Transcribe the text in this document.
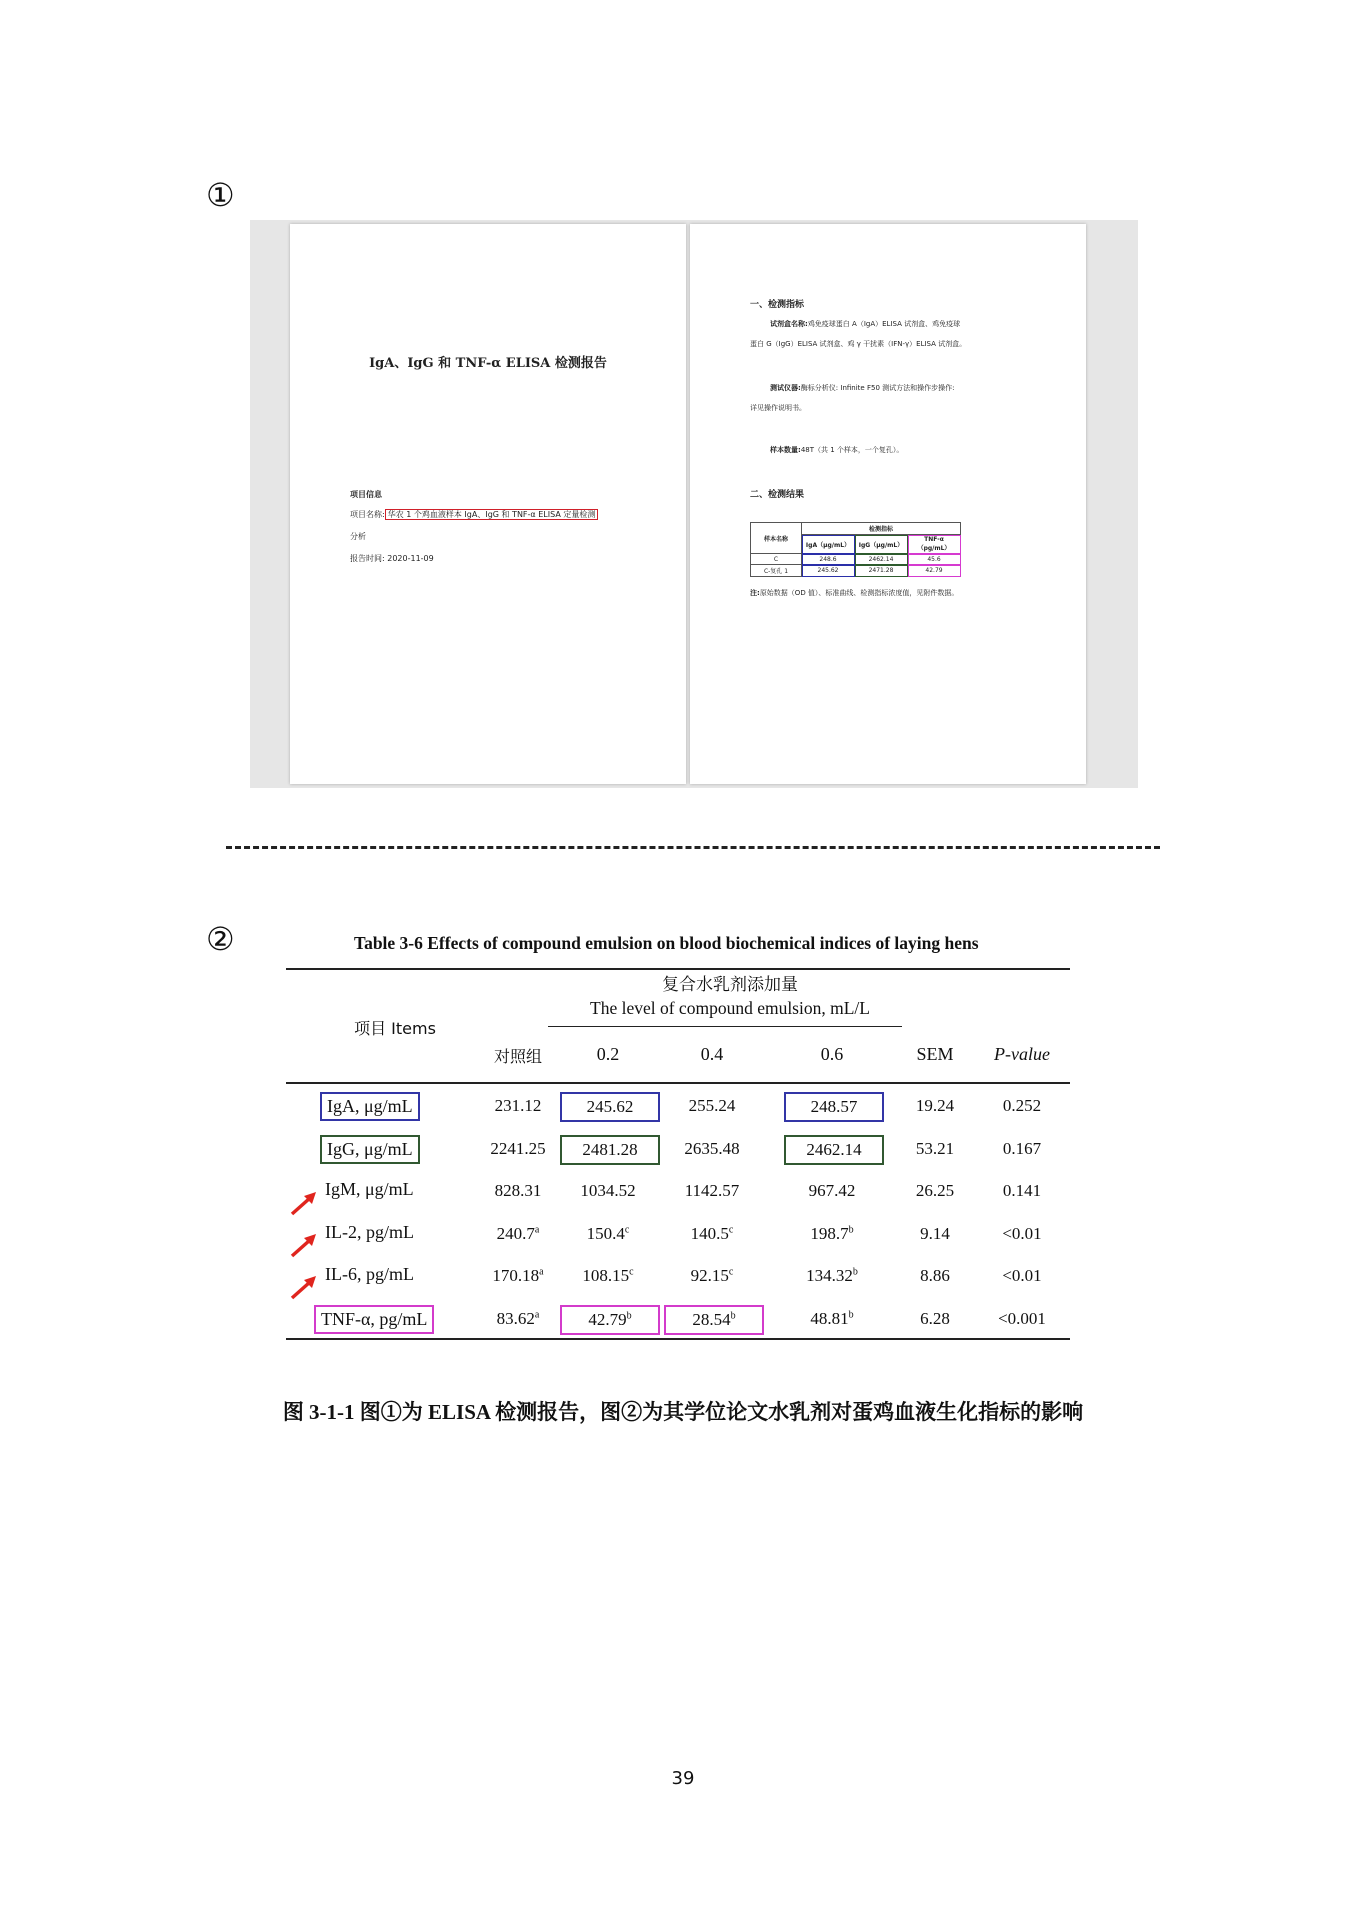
①
IgA、IgG 和 TNF-α ELISA 检测报告
项目信息
项目名称: 华农 1 个鸡血液样本 IgA、IgG 和 TNF-α ELISA 定量检测
分析
报告时间: 2020-11-09
一、检测指标
试剂盒名称:鸡免疫球蛋白 A（IgA）ELISA 试剂盒、鸡免疫球
蛋白 G（IgG）ELISA 试剂盒、鸡 γ 干扰素（IFN-γ）ELISA 试剂盒。
测试仪器:酶标分析仪: Infinite F50 测试方法和操作步操作:
详见操作说明书。
样本数量:48T（共 1 个样本，一个复孔）。
二、检测结果
样本名称	检测指标		
	IgA（μg/mL）	IgG（μg/mL）	TNF-α（pg/mL）
C	248.6	2462.14	45.6
C-复孔 1	245.62	2471.28	42.79
注:原始数据（OD 值）、标准曲线、检测指标浓度值，见附件数据。
②	Table 3-6 Effects of compound emulsion on blood biochemical indices of laying hens
复合水乳剂添加量
The level of compound emulsion, mL/L
项目 Items
对照组	0.2	0.4	0.6	SEM	P-value
IgA, μg/mL	231.12	245.62	255.24	248.57	19.24	0.252
IgG, μg/mL	2241.25	2481.28	2635.48	2462.14	53.21	0.167
IgM, μg/mL	828.31	1034.52	1142.57	967.42	26.25	0.141
IL-2, pg/mL	240.7$^a$	150.4$^c$	140.5$^c$	198.7$^b$	9.14	<0.01
IL-6, pg/mL	170.18$^a$	108.15$^c$	92.15$^c$	134.32$^b$	8.86	<0.01
TNF-α, pg/mL	83.62$^a$	42.79$^b$	28.54$^b$	48.81$^b$	6.28	<0.001
图 3-1-1 图①为 ELISA 检测报告，图②为其学位论文水乳剂对蛋鸡血液生化指标的影响
39
